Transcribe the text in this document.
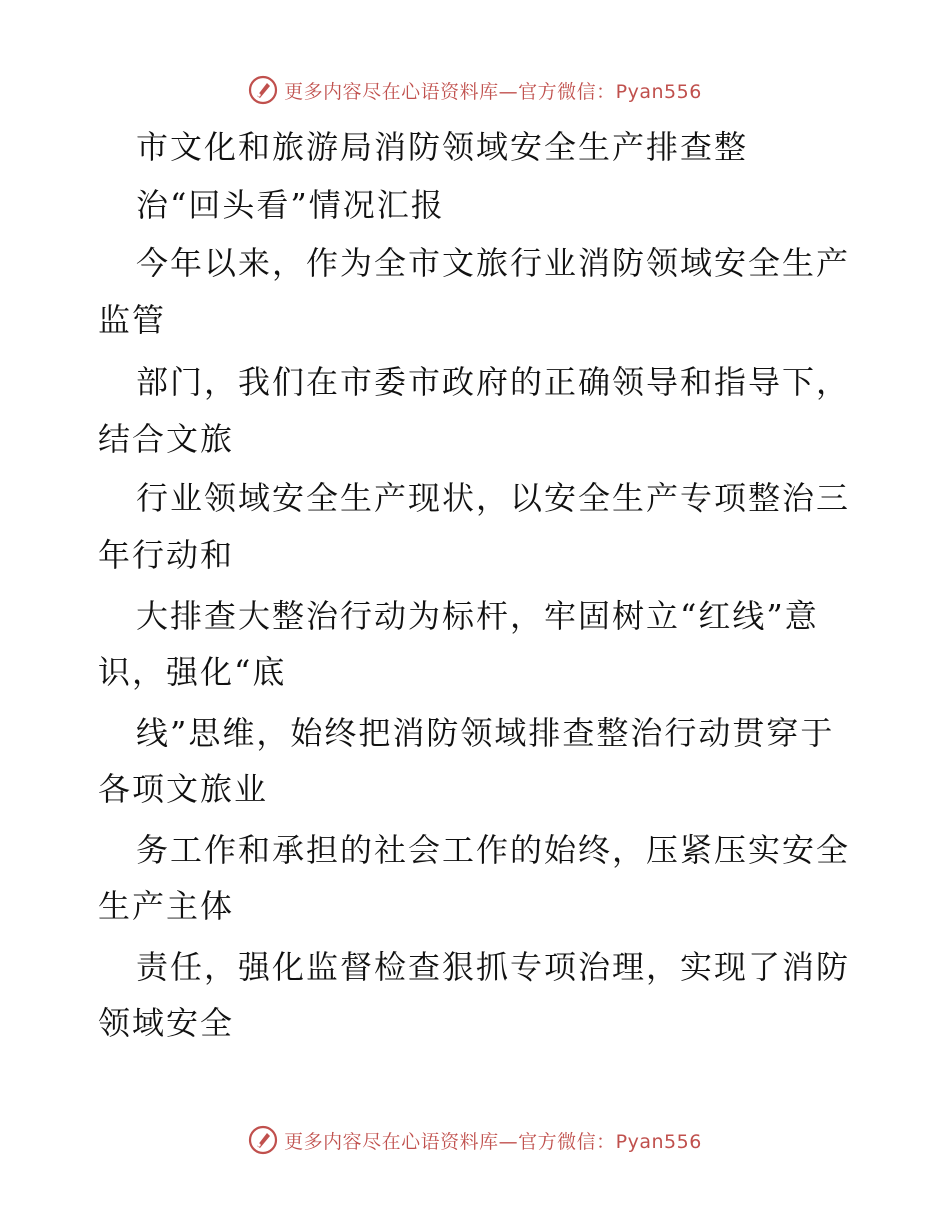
更多内容尽在心语资料库—官方微信：Pyan556
市文化和旅游局消防领域安全生产排查整
治“回头看”情况汇报
今年以来，作为全市文旅行业消防领域安全生产
监管
部门，我们在市委市政府的正确领导和指导下，
结合文旅
行业领域安全生产现状，以安全生产专项整治三
年行动和
大排查大整治行动为标杆，牢固树立“红线”意
识，强化“底
线”思维，始终把消防领域排查整治行动贯穿于
各项文旅业
务工作和承担的社会工作的始终，压紧压实安全
生产主体
责任，强化监督检查狠抓专项治理，实现了消防
领域安全
更多内容尽在心语资料库—官方微信：Pyan556
